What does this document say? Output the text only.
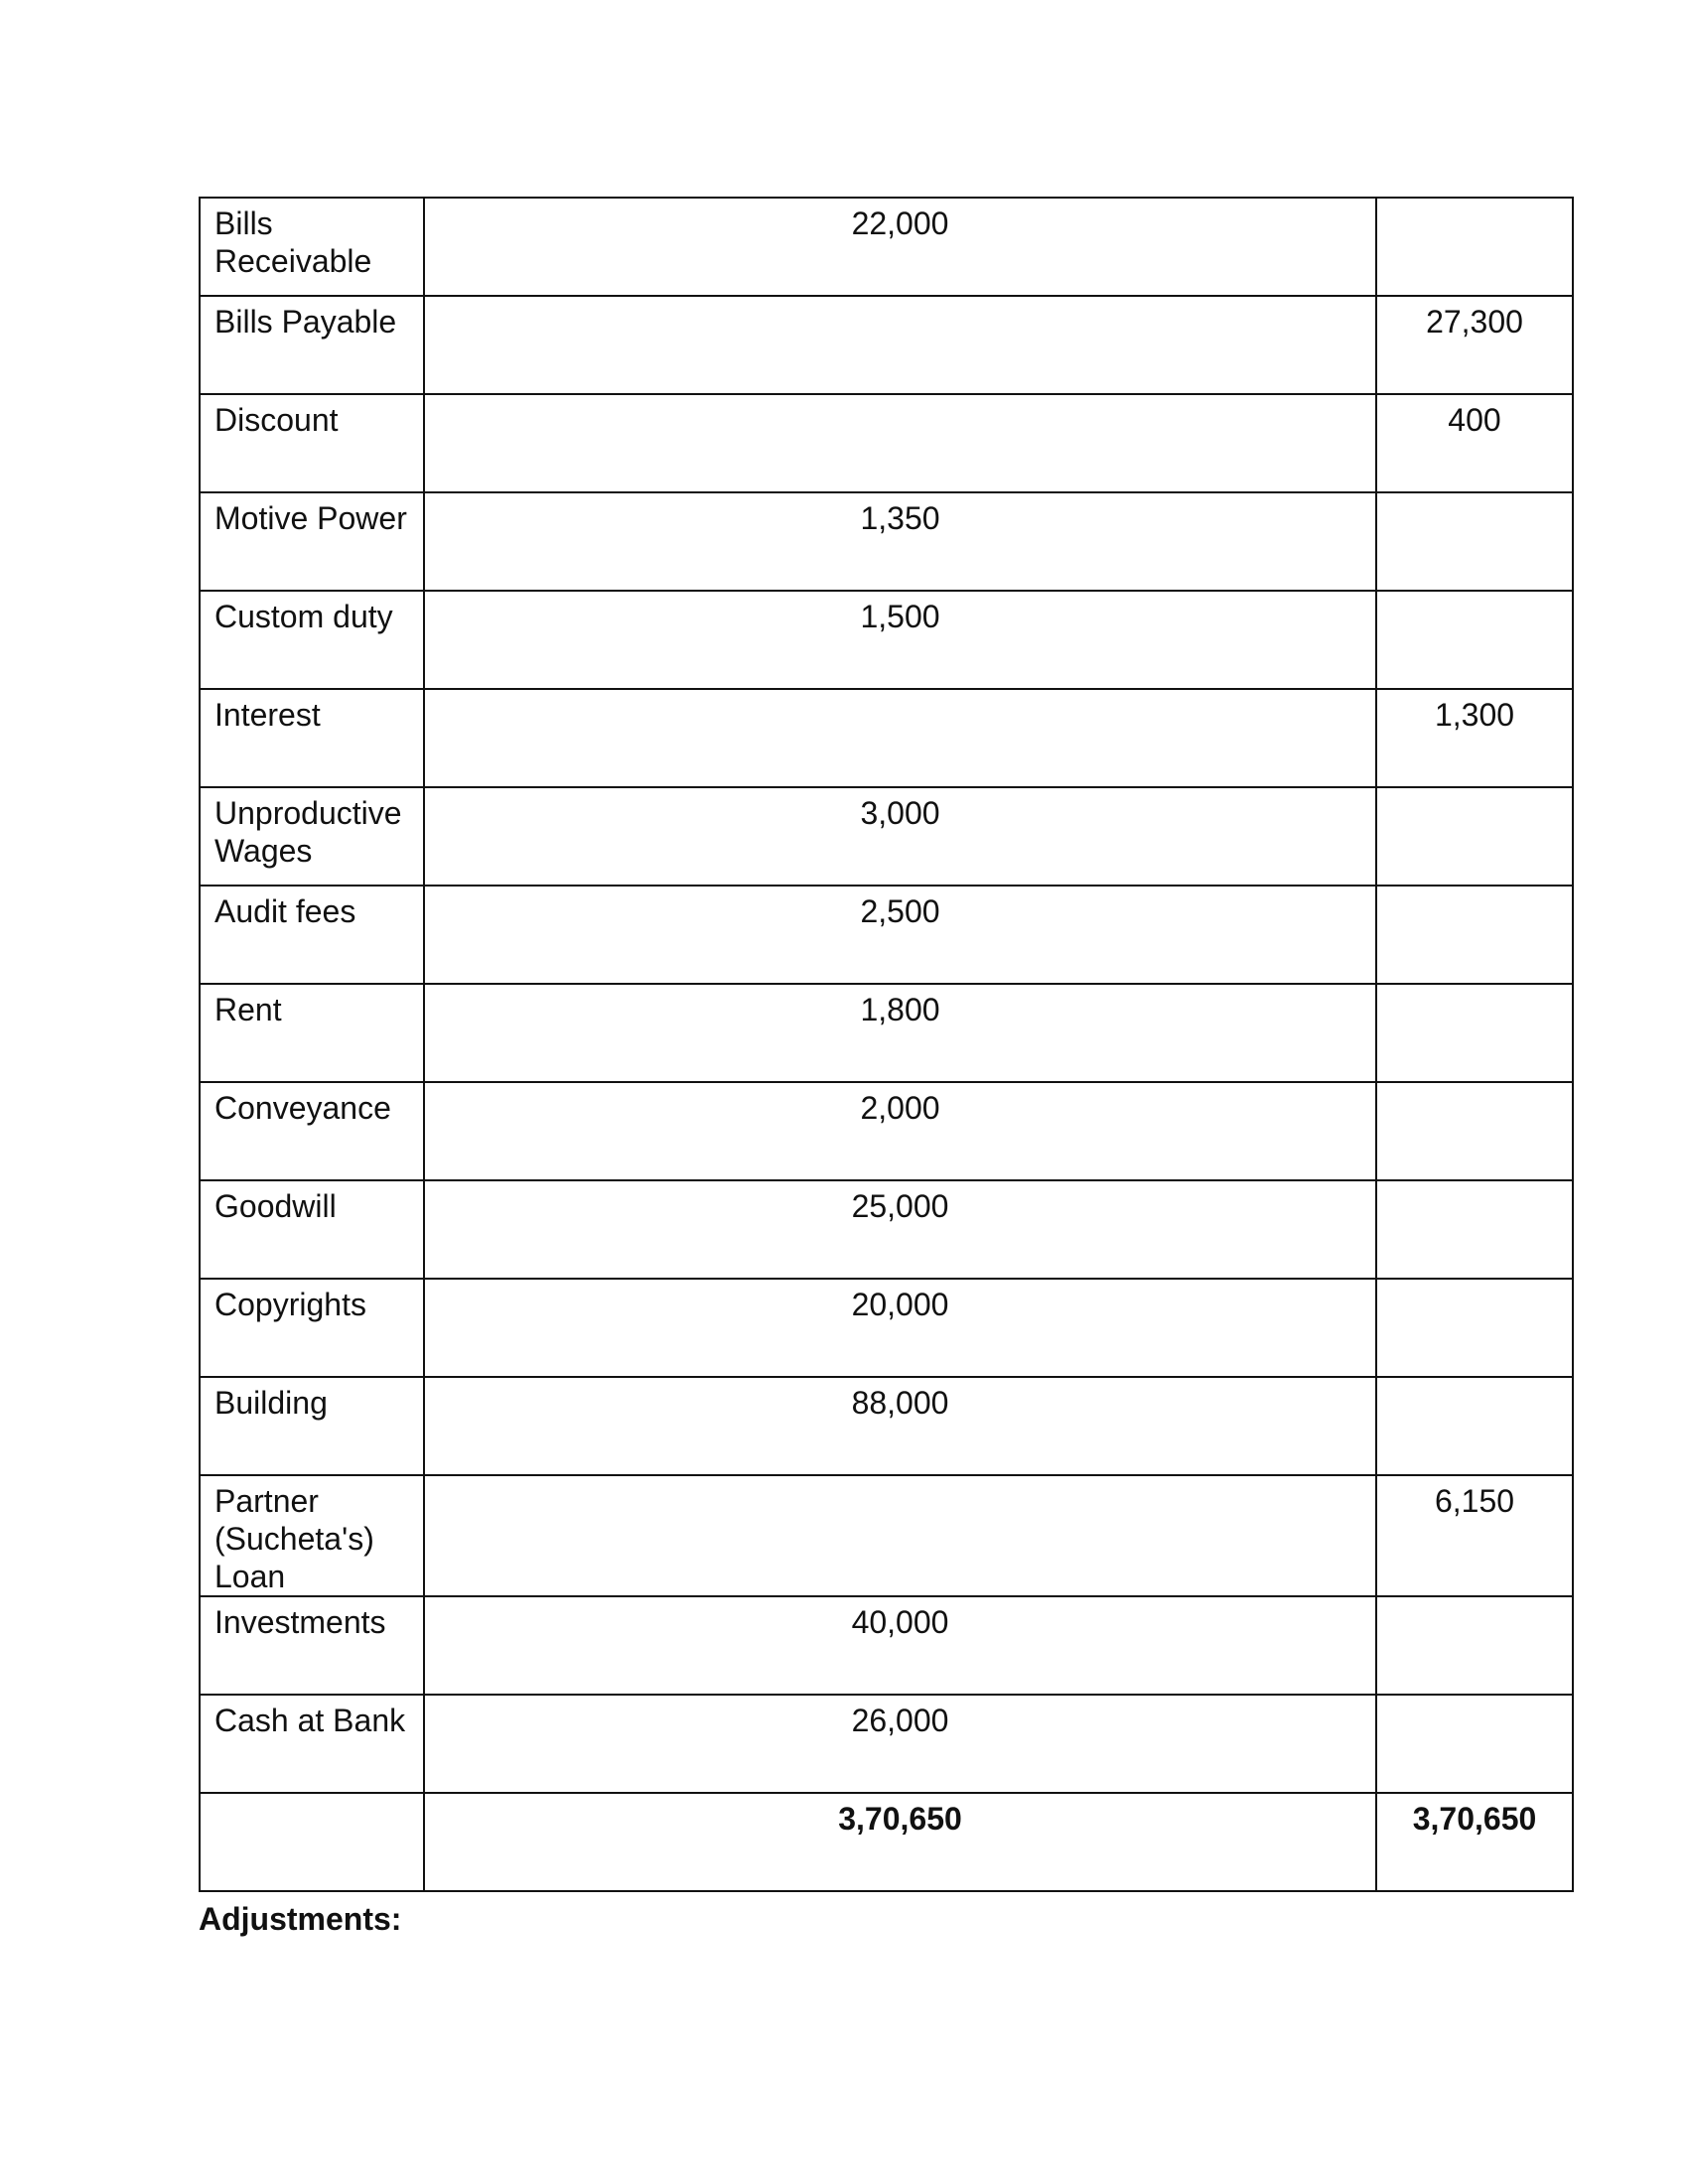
Bills Receivable	22,000	
Bills Payable		27,300
Discount		400
Motive Power	1,350	
Custom duty	1,500	
Interest		1,300
Unproductive Wages	3,000	
Audit fees	2,500	
Rent	1,800	
Conveyance	2,000	
Goodwill	25,000	
Copyrights	20,000	
Building	88,000	
Partner (Sucheta's) Loan		6,150
Investments	40,000	
Cash at Bank	26,000	
	3,70,650	3,70,650
Adjustments:
